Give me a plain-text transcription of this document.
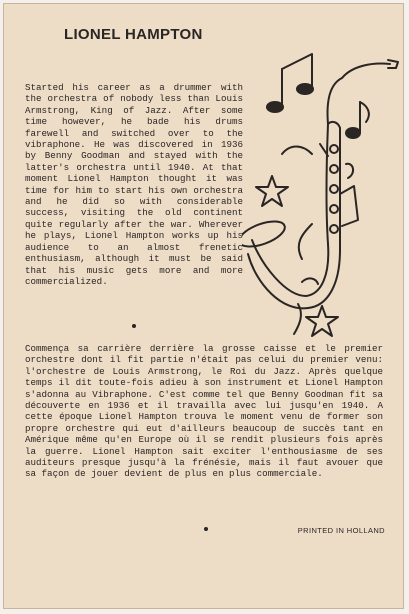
LIONEL HAMPTON

Started his career as a drummer with the orchestra of nobody less than Louis Armstrong, King of Jazz. After some time however, he bade his drums farewell and switched over to the vibraphone. He was discovered in 1936 by Benny Goodman and stayed with the latter's orchestra until 1940. At that moment Lionel Hampton thought it was time for him to start his own orchestra and he did so with considerable success, visiting the old continent quite regularly after the war. Wherever he plays, Lionel Hampton works up his audience to an almost frenetic enthusiasm, although it must be said that his music gets more and more commercialized.

Commença sa carrière derrière la grosse caisse et le premier orchestre dont il fit partie n'était pas celui du premier venu: l'orchestre de Louis Armstrong, le Roi du Jazz. Après quelque temps il dit toute-fois adieu à son instrument et Lionel Hampton s'adonna au Vibraphone. C'est comme tel que Benny Goodman fit sa découverte en 1936 et il travailla avec lui jusqu'en 1940. A cette époque Lionel Hampton trouva le moment venu de former son propre orchestre qui eut d'ailleurs beaucoup de succès tant en Amérique même qu'en Europe où il se rendit plusieurs fois après la guerre. Lionel Hampton sait exciter l'enthousiasme de ses auditeurs presque jusqu'à la frénésie, mais il faut avouer que sa façon de jouer devient de plus en plus commerciale.

PRINTED IN HOLLAND
